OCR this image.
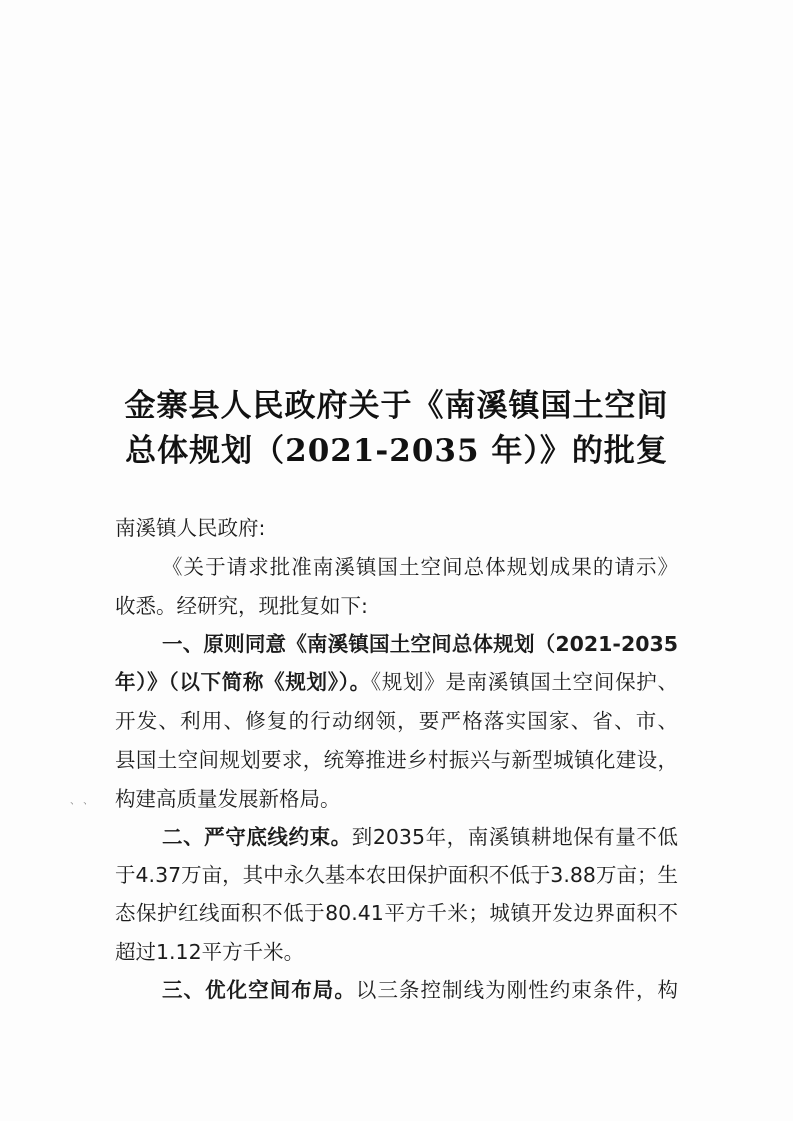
金寨县人民政府关于《南溪镇国土空间
总体规划（2021-2035 年）》的批复
南溪镇人民政府:
《关于请求批准南溪镇国土空间总体规划成果的请示》
收悉。经研究，现批复如下:
一、原则同意《南溪镇国土空间总体规划（2021-2035
年）》（以下简称《规划》）。《规划》是南溪镇国土空间保护、
开发、利用、修复的行动纲领，要严格落实国家、省、市、
县国土空间规划要求，统筹推进乡村振兴与新型城镇化建设，
构建高质量发展新格局。
二、严守底线约束。到2035年，南溪镇耕地保有量不低
于4.37万亩，其中永久基本农田保护面积不低于3.88万亩；生
态保护红线面积不低于80.41平方千米；城镇开发边界面积不
超过1.12平方千米。
三、优化空间布局。以三条控制线为刚性约束条件，构
、 、
